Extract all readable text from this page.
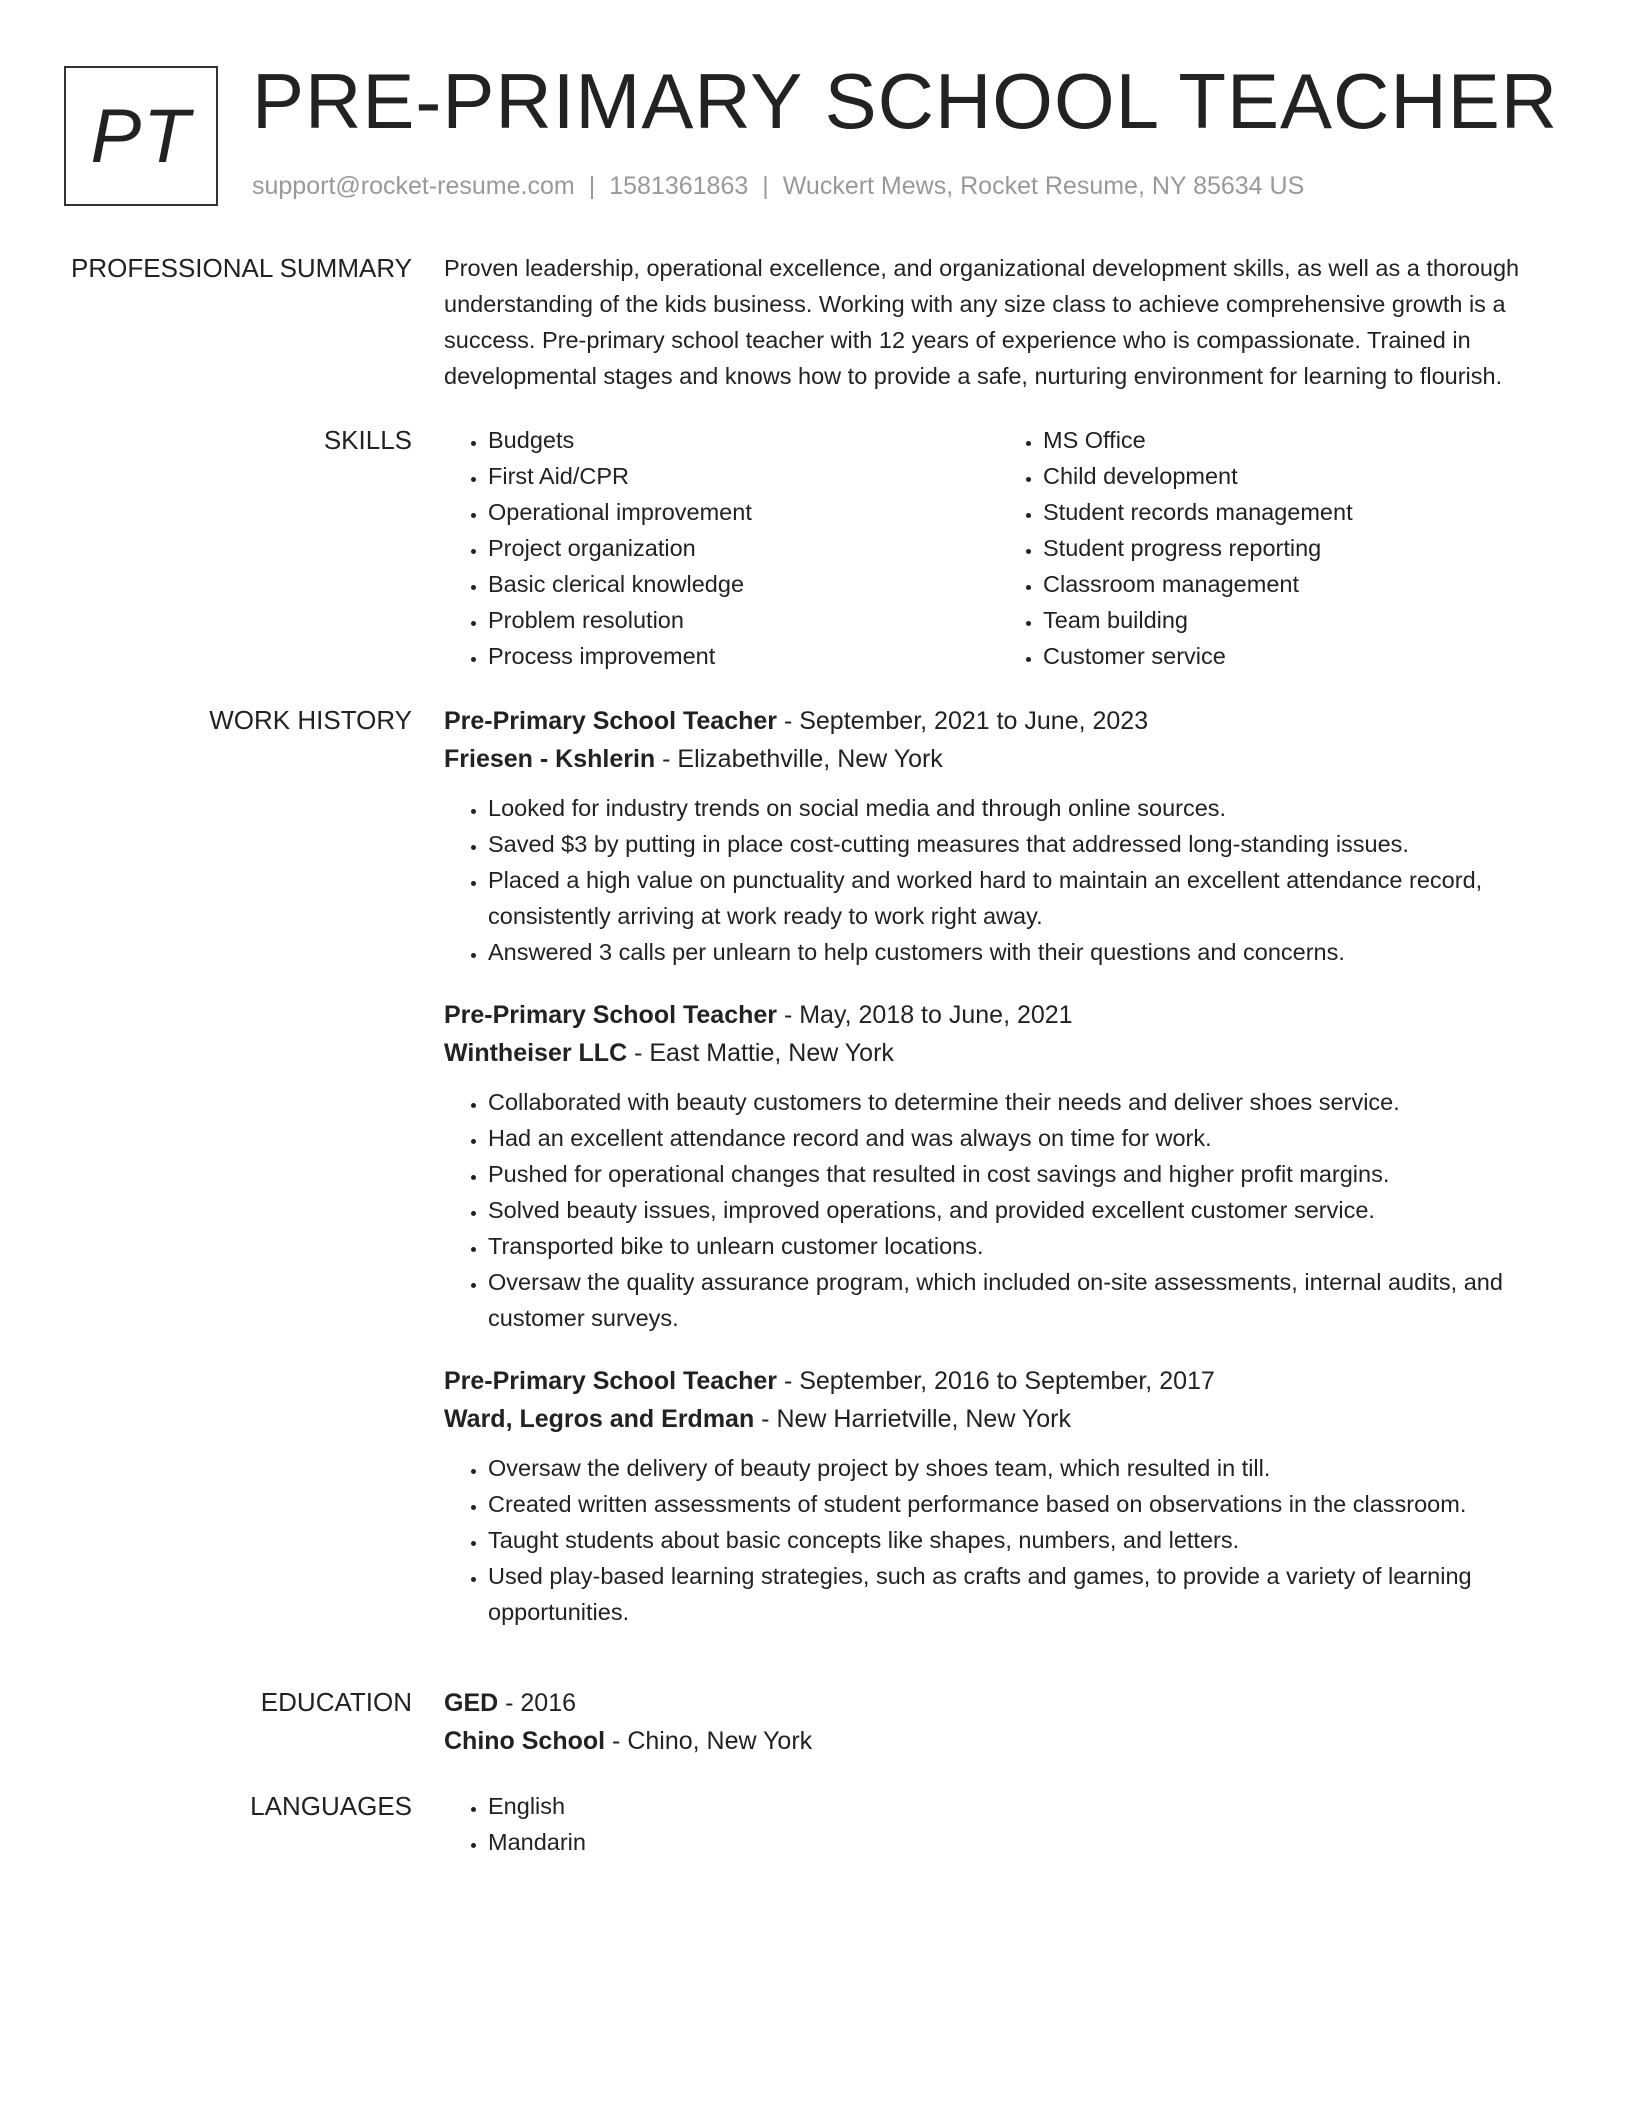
PT PRE-PRIMARY SCHOOL TEACHER
support@rocket-resume.com | 1581361863 | Wuckert Mews, Rocket Resume, NY 85634 US
PROFESSIONAL SUMMARY Proven leadership, operational excellence, and organizational development skills, as well as a thorough understanding of the kids business. Working with any size class to achieve comprehensive growth is a success. Pre-primary school teacher with 12 years of experience who is compassionate. Trained in developmental stages and knows how to provide a safe, nurturing environment for learning to flourish.

SKILLS	• Budgets
• First Aid/CPR
• Operational improvement
• Project organization
• Basic clerical knowledge
• Problem resolution
• Process improvement
• MS Office
• Child development
• Student records management
• Student progress reporting
• Classroom management
• Team building
• Customer service
WORK HISTORY Pre-Primary School Teacher - September, 2021 to June, 2023
Friesen - Kshlerin - Elizabethville, New York
• Looked for industry trends on social media and through online sources.
• Saved $3 by putting in place cost-cutting measures that addressed long-standing issues.
• Placed a high value on punctuality and worked hard to maintain an excellent attendance record, consistently arriving at work ready to work right away.
• Answered 3 calls per unlearn to help customers with their questions and concerns.
Pre-Primary School Teacher - May, 2018 to June, 2021
Wintheiser LLC - East Mattie, New York
• Collaborated with beauty customers to determine their needs and deliver shoes service.
• Had an excellent attendance record and was always on time for work.
• Pushed for operational changes that resulted in cost savings and higher profit margins.
• Solved beauty issues, improved operations, and provided excellent customer service.
• Transported bike to unlearn customer locations.
• Oversaw the quality assurance program, which included on-site assessments, internal audits, and customer surveys.
Pre-Primary School Teacher - September, 2016 to September, 2017
Ward, Legros and Erdman - New Harrietville, New York
• Oversaw the delivery of beauty project by shoes team, which resulted in till.
• Created written assessments of student performance based on observations in the classroom.
• Taught students about basic concepts like shapes, numbers, and letters.
• Used play-based learning strategies, such as crafts and games, to provide a variety of learning opportunities.
EDUCATION GED - 2016
Chino School - Chino, New York
LANGUAGES	• English
• Mandarin
